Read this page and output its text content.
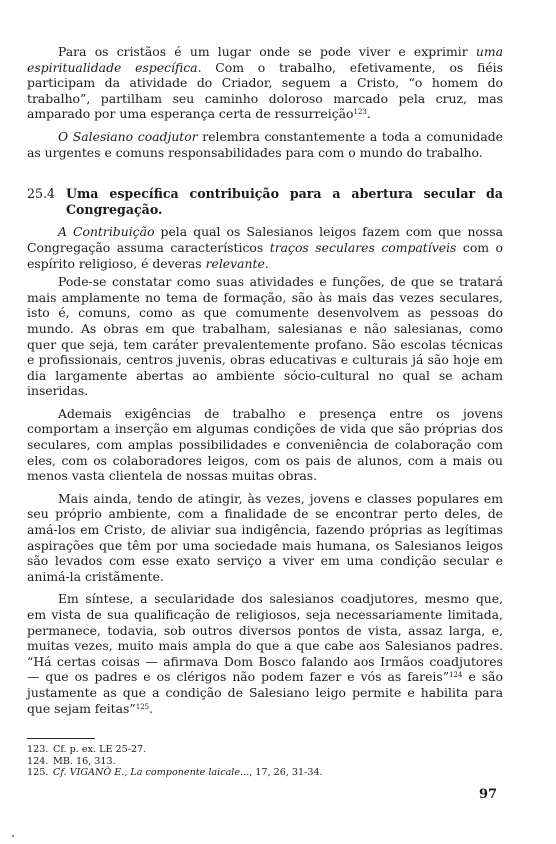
Para os cristãos é um lugar onde se pode viver e exprimir uma espiritualidade específica. Com o trabalho, efetivamente, os fiéis participam da atividade do Criador, seguem a Cristo, “o homem do trabalho”, partilham seu caminho doloroso marcado pela cruz, mas amparado por uma esperança certa de ressurreição$^{123}$.

O Salesiano coadjutor relembra constantemente a toda a comunidade as urgentes e comuns responsabilidades para com o mundo do trabalho.

25.4 Uma específica contribuição para a abertura secular da Congregação.

A Contribuição pela qual os Salesianos leigos fazem com que nossa Congregação assuma característicos traços seculares compatíveis com o espírito religioso, é deveras relevante.

Pode-se constatar como suas atividades e funções, de que se tratará mais amplamente no tema de formação, são às mais das vezes seculares, isto é, comuns, como as que comumente desenvolvem as pessoas do mundo. As obras em que trabalham, salesianas e não salesianas, como quer que seja, tem caráter prevalentemente profano. São escolas técnicas e profissionais, centros juvenis, obras educativas e culturais já são hoje em dia largamente abertas ao ambiente sócio-cultural no qual se acham inseridas.

Ademais exigências de trabalho e presença entre os jovens comportam a inserção em algumas condições de vida que são próprias dos seculares, com amplas possibilidades e conveniência de colaboração com eles, com os colaboradores leigos, com os pais de alunos, com a mais ou menos vasta clientela de nossas muitas obras.

Mais ainda, tendo de atingir, às vezes, jovens e classes populares em seu próprio ambiente, com a finalidade de se encontrar perto deles, de amá-los em Cristo, de aliviar sua indigência, fazendo próprias as legítimas aspirações que têm por uma sociedade mais humana, os Salesianos leigos são levados com esse exato serviço a viver em uma condição secular e animá-la cristãmente.

Em síntese, a secularidade dos salesianos coadjutores, mesmo que, em vista de sua qualificação de religiosos, seja necessariamente limitada, permanece, todavia, sob outros diversos pontos de vista, assaz larga, e, muitas vezes, muito mais ampla do que a que cabe aos Salesianos padres. “Há certas coisas — afirmava Dom Bosco falando aos Irmãos coadjutores — que os padres e os clérigos não podem fazer e vós as fareis”$^{124}$ e são justamente as que a condição de Salesiano leigo permite e habilita para que sejam feitas”$^{125}$.

123. Cf. p. ex. LE 25-27.
124. MB. 16, 313.
125. Cf. VIGANÒ E., La componente laicale..., 17, 26, 31-34.
97
